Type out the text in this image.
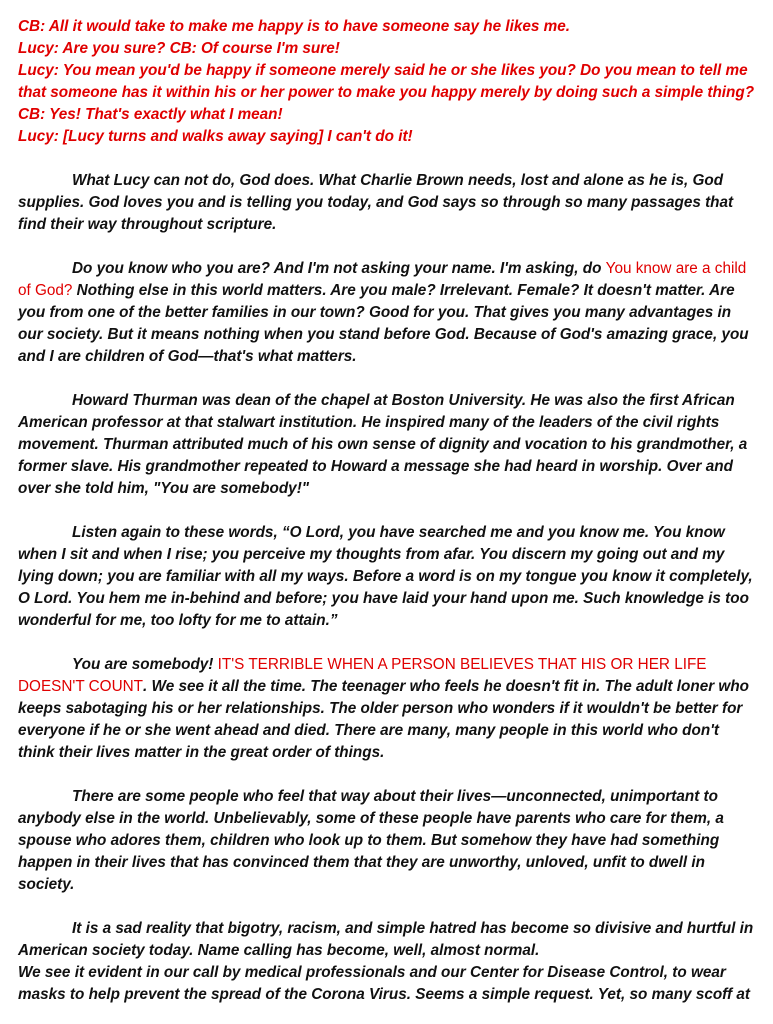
CB: All it would take to make me happy is to have someone say he likes me.

Lucy: Are you sure? CB: Of course I'm sure!

Lucy: You mean you'd be happy if someone merely said he or she likes you? Do you mean to tell me that someone has it within his or her power to make you happy merely by doing such a simple thing?

CB: Yes! That's exactly what I mean!

Lucy: [Lucy turns and walks away saying] I can't do it!

What Lucy can not do, God does. What Charlie Brown needs, lost and alone as he is, God supplies. God loves you and is telling you today, and God says so through so many passages that find their way throughout scripture.

Do you know who you are? And I'm not asking your name. I'm asking, do You know are a child of God? Nothing else in this world matters. Are you male? Irrelevant. Female? It doesn't matter. Are you from one of the better families in our town? Good for you. That gives you many advantages in our society. But it means nothing when you stand before God. Because of God's amazing grace, you and I are children of God—that's what matters.

Howard Thurman was dean of the chapel at Boston University. He was also the first African American professor at that stalwart institution. He inspired many of the leaders of the civil rights movement. Thurman attributed much of his own sense of dignity and vocation to his grandmother, a former slave. His grandmother repeated to Howard a message she had heard in worship. Over and over she told him, "You are somebody!"

Listen again to these words, “O Lord, you have searched me and you know me. You know when I sit and when I rise; you perceive my thoughts from afar. You discern my going out and my lying down; you are familiar with all my ways. Before a word is on my tongue you know it completely, O Lord. You hem me in-behind and before; you have laid your hand upon me. Such knowledge is too wonderful for me, too lofty for me to attain.”

You are somebody! IT'S TERRIBLE WHEN A PERSON BELIEVES THAT HIS OR HER LIFE DOESN'T COUNT. We see it all the time. The teenager who feels he doesn't fit in. The adult loner who keeps sabotaging his or her relationships. The older person who wonders if it wouldn't be better for everyone if he or she went ahead and died. There are many, many people in this world who don't think their lives matter in the great order of things.

There are some people who feel that way about their lives—unconnected, unimportant to anybody else in the world. Unbelievably, some of these people have parents who care for them, a spouse who adores them, children who look up to them. But somehow they have had something happen in their lives that has convinced them that they are unworthy, unloved, unfit to dwell in society.

It is a sad reality that bigotry, racism, and simple hatred has become so divisive and hurtful in American society today. Name calling has become, well, almost normal.

We see it evident in our call by medical professionals and our Center for Disease Control, to wear masks to help prevent the spread of the Corona Virus. Seems a simple request. Yet, so many scoff at
